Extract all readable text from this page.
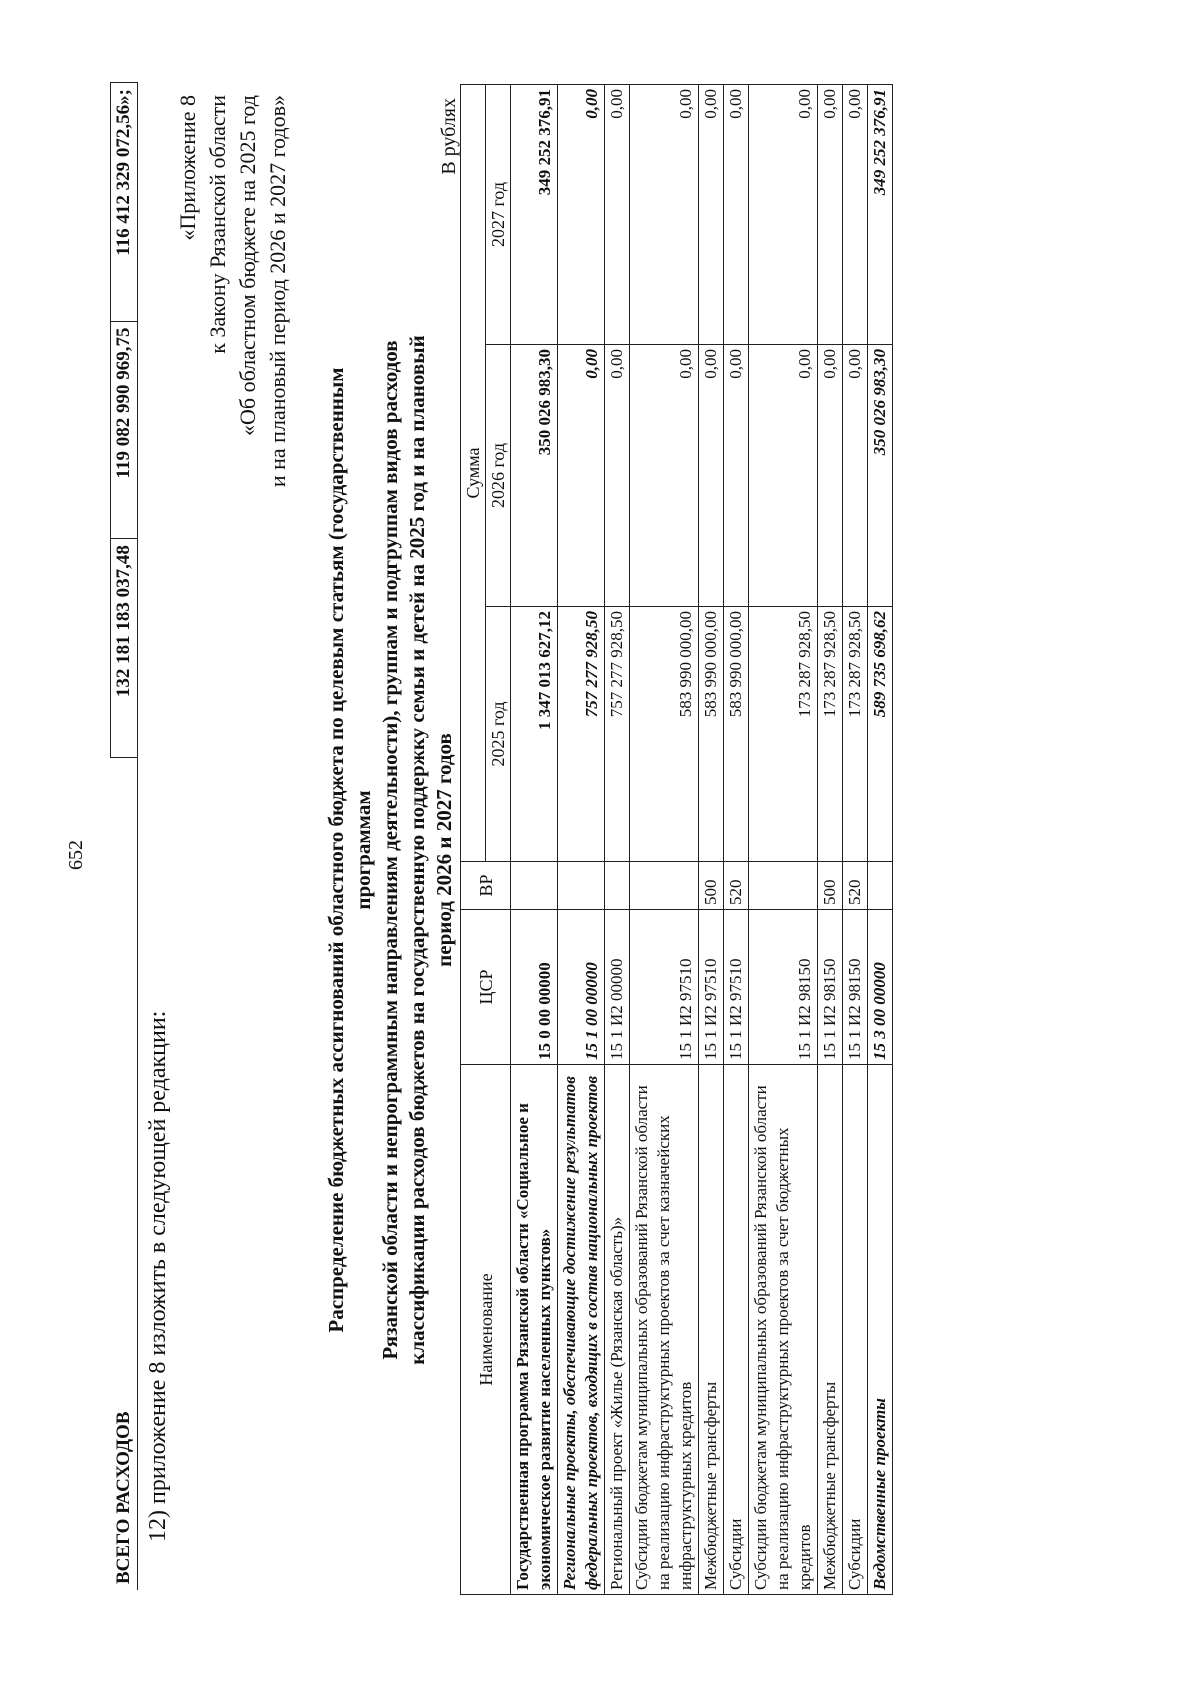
652
ВСЕГО РАСХОДОВ	132 181 183 037,48	119 082 990 969,75	116 412 329 072,56»;
12) приложение 8 изложить в следующей редакции:
«Приложение 8 к Закону Рязанской области «Об областном бюджете на 2025 год и на плановый период 2026 и 2027 годов»
Распределение бюджетных ассигнований областного бюджета по целевым статьям (государственным программам Рязанской области и непрограммным направлениям деятельности), группам и подгруппам видов расходов классификации расходов бюджетов на государственную поддержку семьи и детей на 2025 год и на плановый период 2026 и 2027 годов
В рублях
Наименование	ЦСР	ВР	Сумма		
			2025 год	2026 год	2027 год
Государственная программа Рязанской области «Социальное и экономическое развитие населенных пунктов»	15 0 00 00000		1 347 013 627,12	350 026 983,30	349 252 376,91
Региональные проекты, обеспечивающие достижение результатов федеральных проектов, входящих в состав национальных проектов	15 1 00 00000		757 277 928,50	0,00	0,00
Региональный проект «Жилье (Рязанская область)»	15 1 И2 00000		757 277 928,50	0,00	0,00
Субсидии бюджетам муниципальных образований Рязанской области на реализацию инфраструктурных проектов за счет казначейских инфраструктурных кредитов	15 1 И2 97510		583 990 000,00	0,00	0,00
Межбюджетные трансферты	15 1 И2 97510	500	583 990 000,00	0,00	0,00
Субсидии	15 1 И2 97510	520	583 990 000,00	0,00	0,00
Субсидии бюджетам муниципальных образований Рязанской области на реализацию инфраструктурных проектов за счет бюджетных кредитов	15 1 И2 98150		173 287 928,50	0,00	0,00
Межбюджетные трансферты	15 1 И2 98150	500	173 287 928,50	0,00	0,00
Субсидии	15 1 И2 98150	520	173 287 928,50	0,00	0,00
Ведомственные проекты	15 3 00 00000		589 735 698,62	350 026 983,30	349 252 376,91
